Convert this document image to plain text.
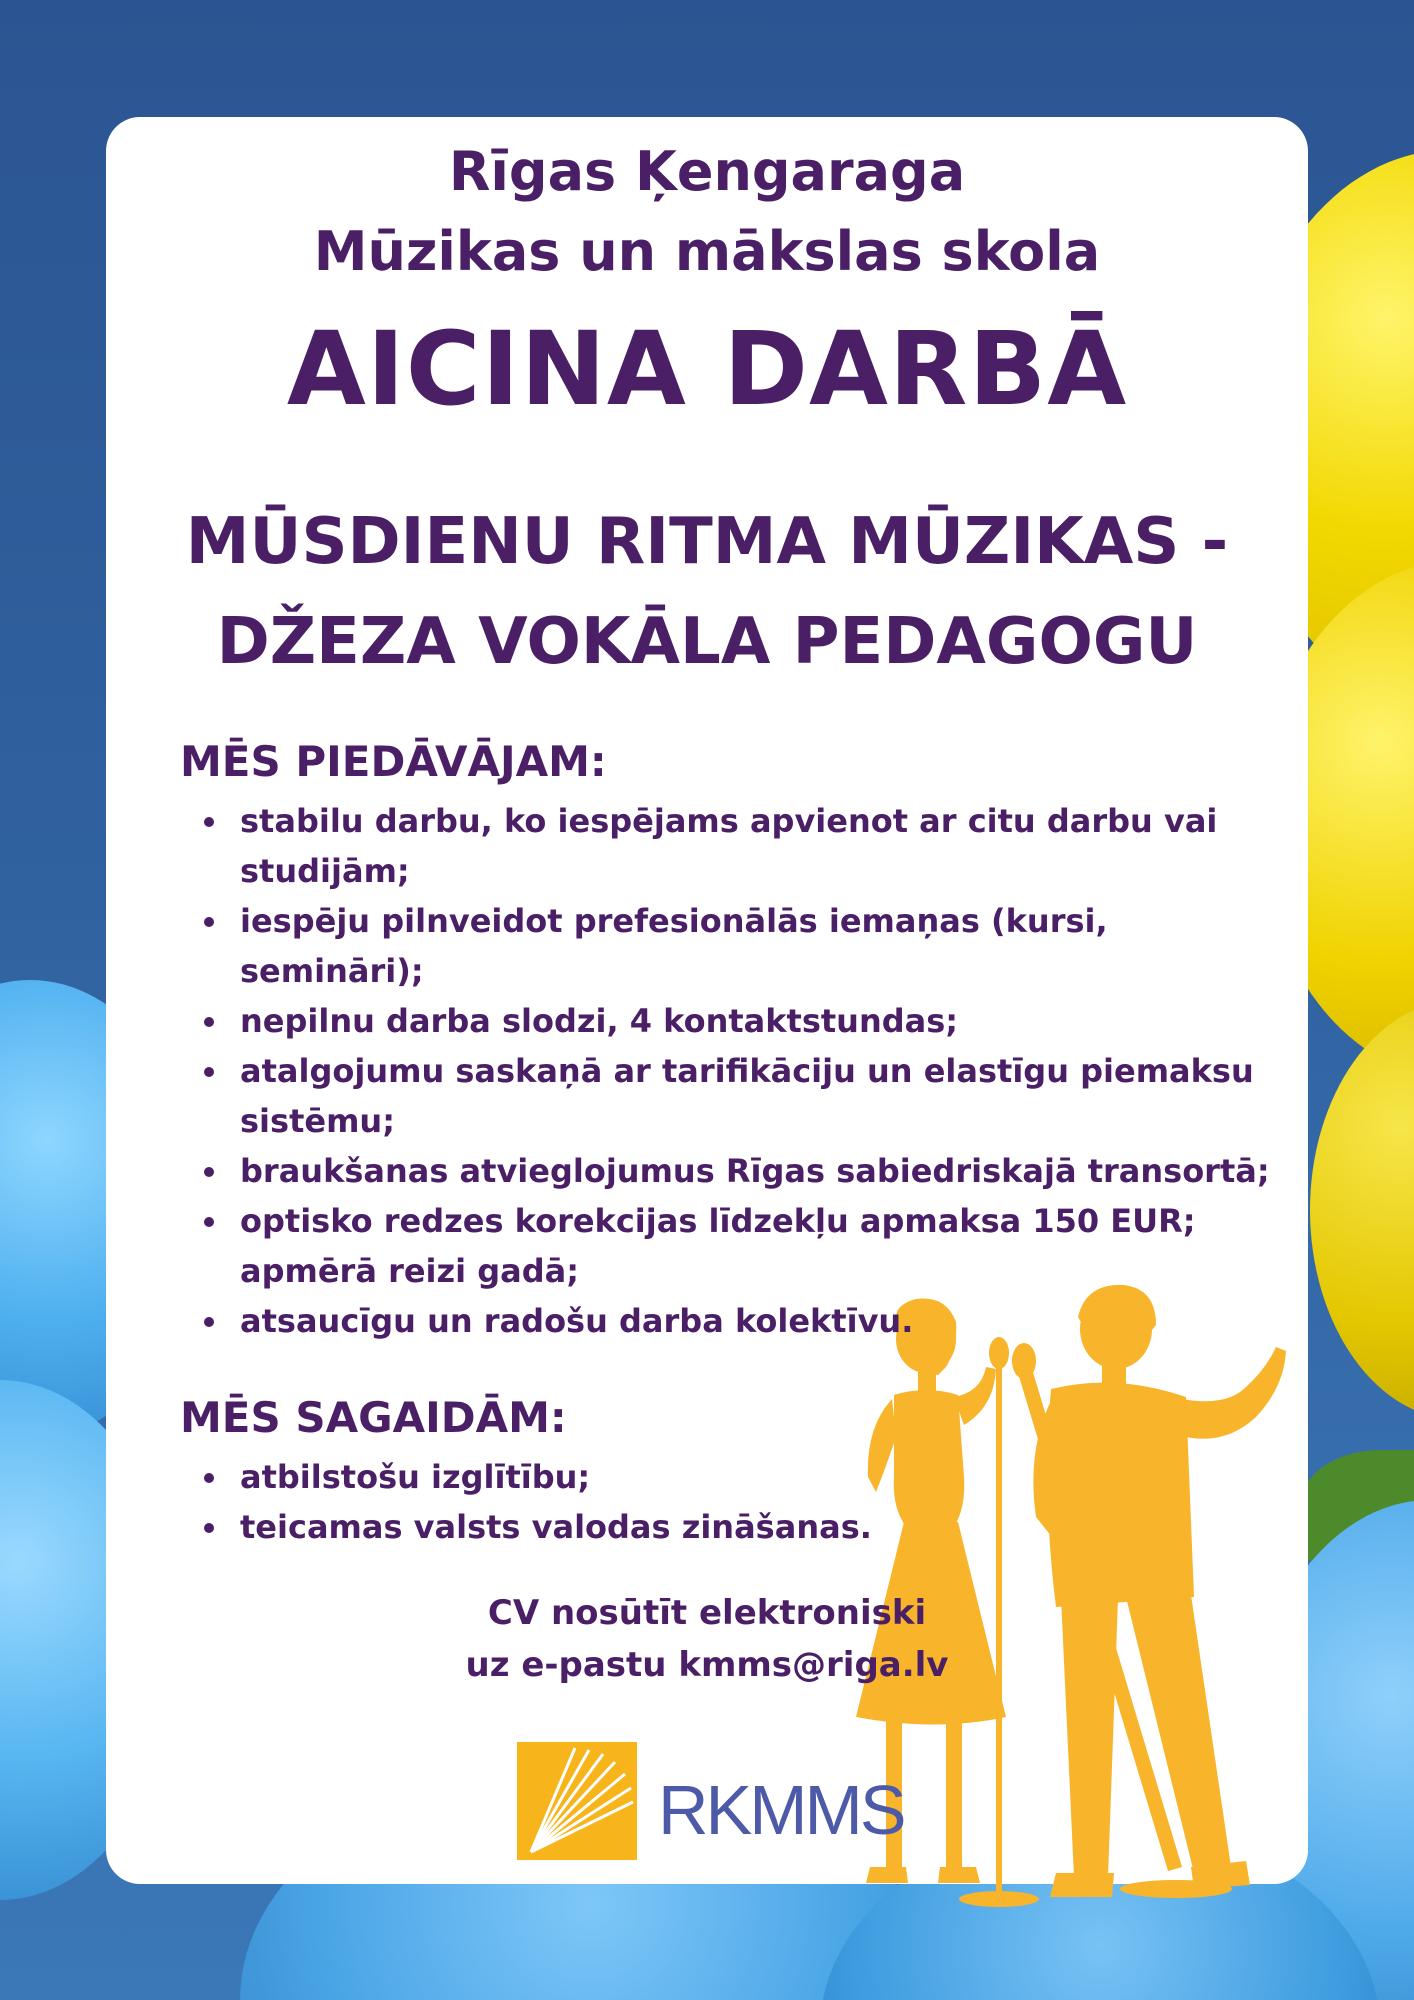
Rīgas Ķengaraga

Mūzikas un mākslas skola

AICINA DARBĀ
MŪSDIENU RITMA MŪZIKAS -
DŽEZA VOKĀLA PEDAGOGU
MĒS PIEDĀVĀJAM:
stabilu darbu, ko iespējams apvienot ar citu darbu vai studijām;
iespēju pilnveidot prefesionālās iemaņas (kursi, semināri);
nepilnu darba slodzi, 4 kontaktstundas;
atalgojumu saskaņā ar tarifikāciju un elastīgu piemaksu sistēmu;
braukšanas atvieglojumus Rīgas sabiedriskajā transortā;
optisko redzes korekcijas līdzekļu apmaksa 150 EUR; apmērā reizi gadā;
atsaucīgu un radošu darba kolektīvu.
MĒS SAGAIDĀM:
atbilstošu izglītību;
teicamas valsts valodas zināšanas.

CV nosūtīt elektroniski

uz e-pastu kmms@riga.lv

RKMMS
